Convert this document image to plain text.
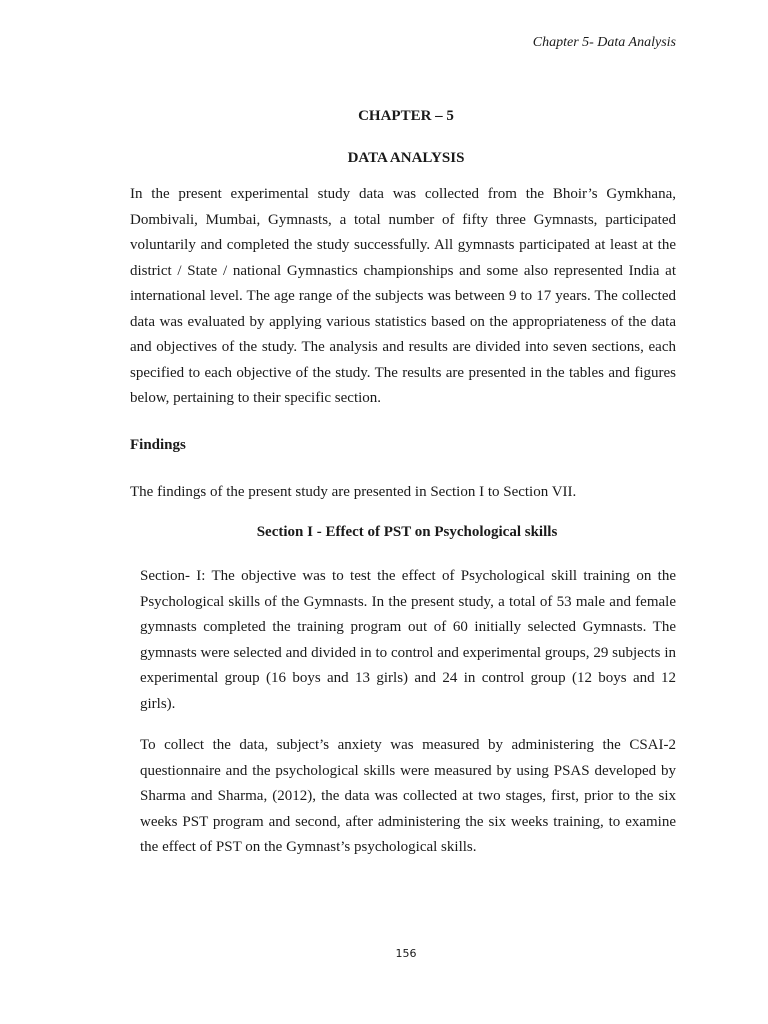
Chapter 5- Data Analysis
CHAPTER – 5
DATA ANALYSIS

In the present experimental study data was collected from the Bhoir’s Gymkhana, Dombivali, Mumbai, Gymnasts, a total number of fifty three Gymnasts, participated voluntarily and completed the study successfully. All gymnasts participated at least at the district / State / national Gymnastics championships and some also represented India at international level. The age range of the subjects was between 9 to 17 years. The collected data was evaluated by applying various statistics based on the appropriateness of the data and objectives of the study. The analysis and results are divided into seven sections, each specified to each objective of the study. The results are presented in the tables and figures below, pertaining to their specific section.

Findings

The findings of the present study are presented in Section I to Section VII.

Section I - Effect of PST on Psychological skills

Section- I: The objective was to test the effect of Psychological skill training on the Psychological skills of the Gymnasts. In the present study, a total of 53 male and female gymnasts completed the training program out of 60 initially selected Gymnasts. The gymnasts were selected and divided in to control and experimental groups, 29 subjects in experimental group (16 boys and 13 girls) and 24 in control group (12 boys and 12 girls).

To collect the data, subject’s anxiety was measured by administering the CSAI-2 questionnaire and the psychological skills were measured by using PSAS developed by Sharma and Sharma, (2012), the data was collected at two stages, first, prior to the six weeks PST program and second, after administering the six weeks training, to examine the effect of PST on the Gymnast’s psychological skills.

156
